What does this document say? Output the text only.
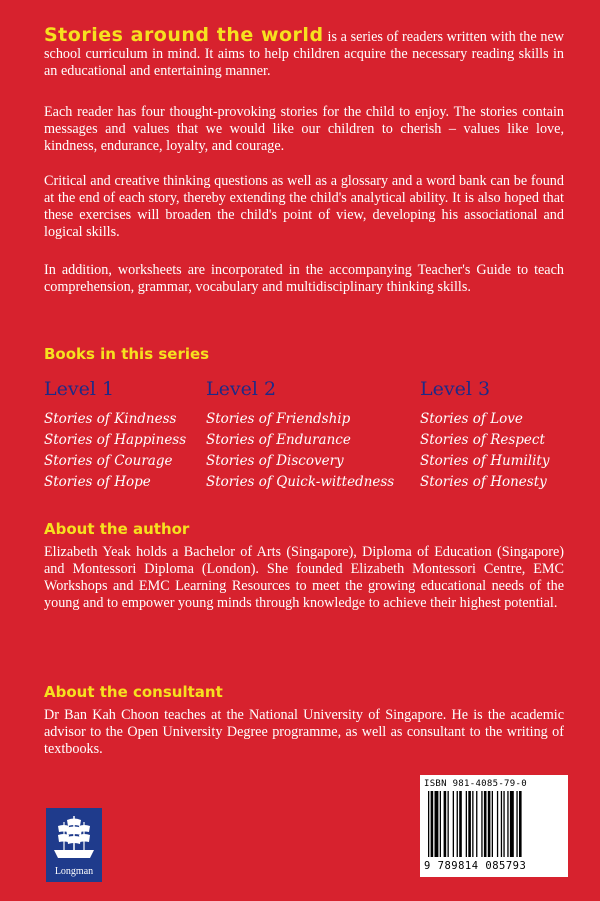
Stories around the world is a series of readers written with the new school curriculum in mind. It aims to help children acquire the necessary reading skills in an educational and entertaining manner.

Each reader has four thought-provoking stories for the child to enjoy. The stories contain messages and values that we would like our children to cherish – values like love, kindness, endurance, loyalty, and courage.

Critical and creative thinking questions as well as a glossary and a word bank can be found at the end of each story, thereby extending the child's analytical ability. It is also hoped that these exercises will broaden the child's point of view, developing his associational and logical skills.

In addition, worksheets are incorporated in the accompanying Teacher's Guide to teach comprehension, grammar, vocabulary and multidisciplinary thinking skills.

Books in this series
Level 1
Stories of Kindness
Stories of Happiness
Stories of Courage
Stories of Hope
Level 2
Stories of Friendship
Stories of Endurance
Stories of Discovery
Stories of Quick-wittedness
Level 3
Stories of Love
Stories of Respect
Stories of Humility
Stories of Honesty
About the author

Elizabeth Yeak holds a Bachelor of Arts (Singapore), Diploma of Education (Singapore) and Montessori Diploma (London). She founded Elizabeth Montessori Centre, EMC Workshops and EMC Learning Resources to meet the growing educational needs of the young and to empower young minds through knowledge to achieve their highest potential.

About the consultant

Dr Ban Kah Choon teaches at the National University of Singapore. He is the academic advisor to the Open University Degree programme, as well as consultant to the writing of textbooks.

Longman
ISBN 981-4085-79-0
9 789814 085793
